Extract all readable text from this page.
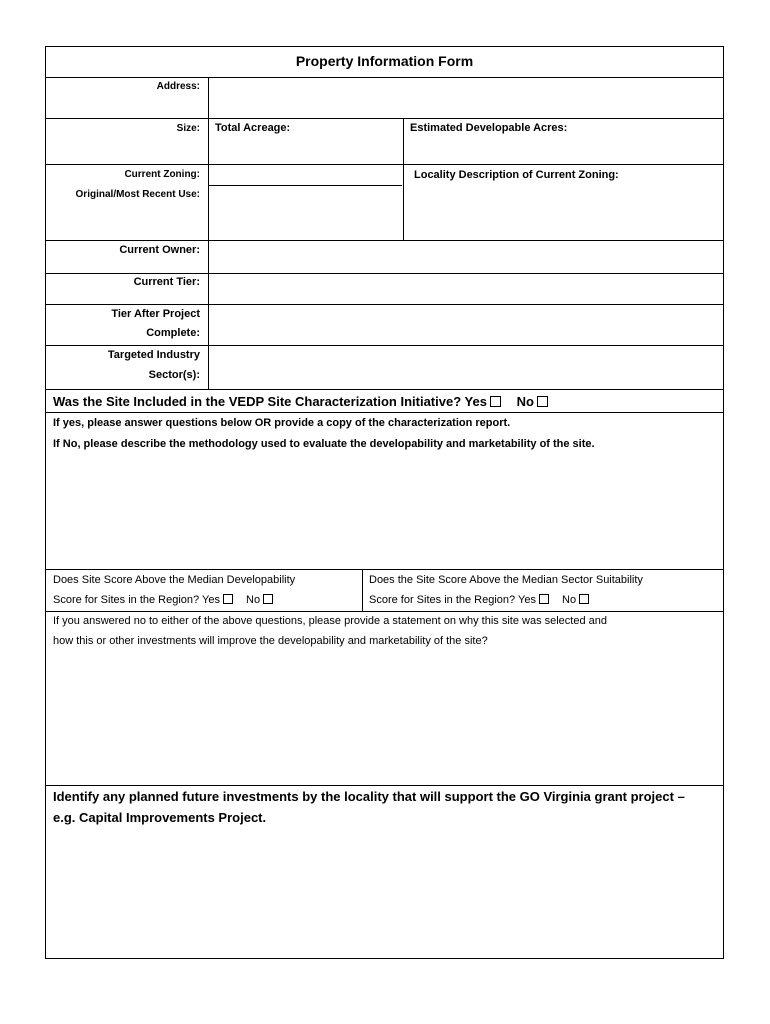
Property Information Form
Address:
Size: Total Acreage:	Estimated Developable Acres:
Current Zoning:
Original/Most Recent Use:
Locality Description of Current Zoning:
Current Owner:
Current Tier:
Tier After Project
Complete:
Targeted Industry
Sector(s):
Was the Site Included in the VEDP Site Characterization Initiative? Yes No
If yes, please answer questions below OR provide a copy of the characterization report.
If No, please describe the methodology used to evaluate the developability and marketability of the site.
Does Site Score Above the Median Developability
Score for Sites in the Region? Yes No
Does the Site Score Above the Median Sector Suitability
Score for Sites in the Region? Yes No
If you answered no to either of the above questions, please provide a statement on why this site was selected and
how this or other investments will improve the developability and marketability of the site?
Identify any planned future investments by the locality that will support the GO Virginia grant project –
e.g. Capital Improvements Project.
